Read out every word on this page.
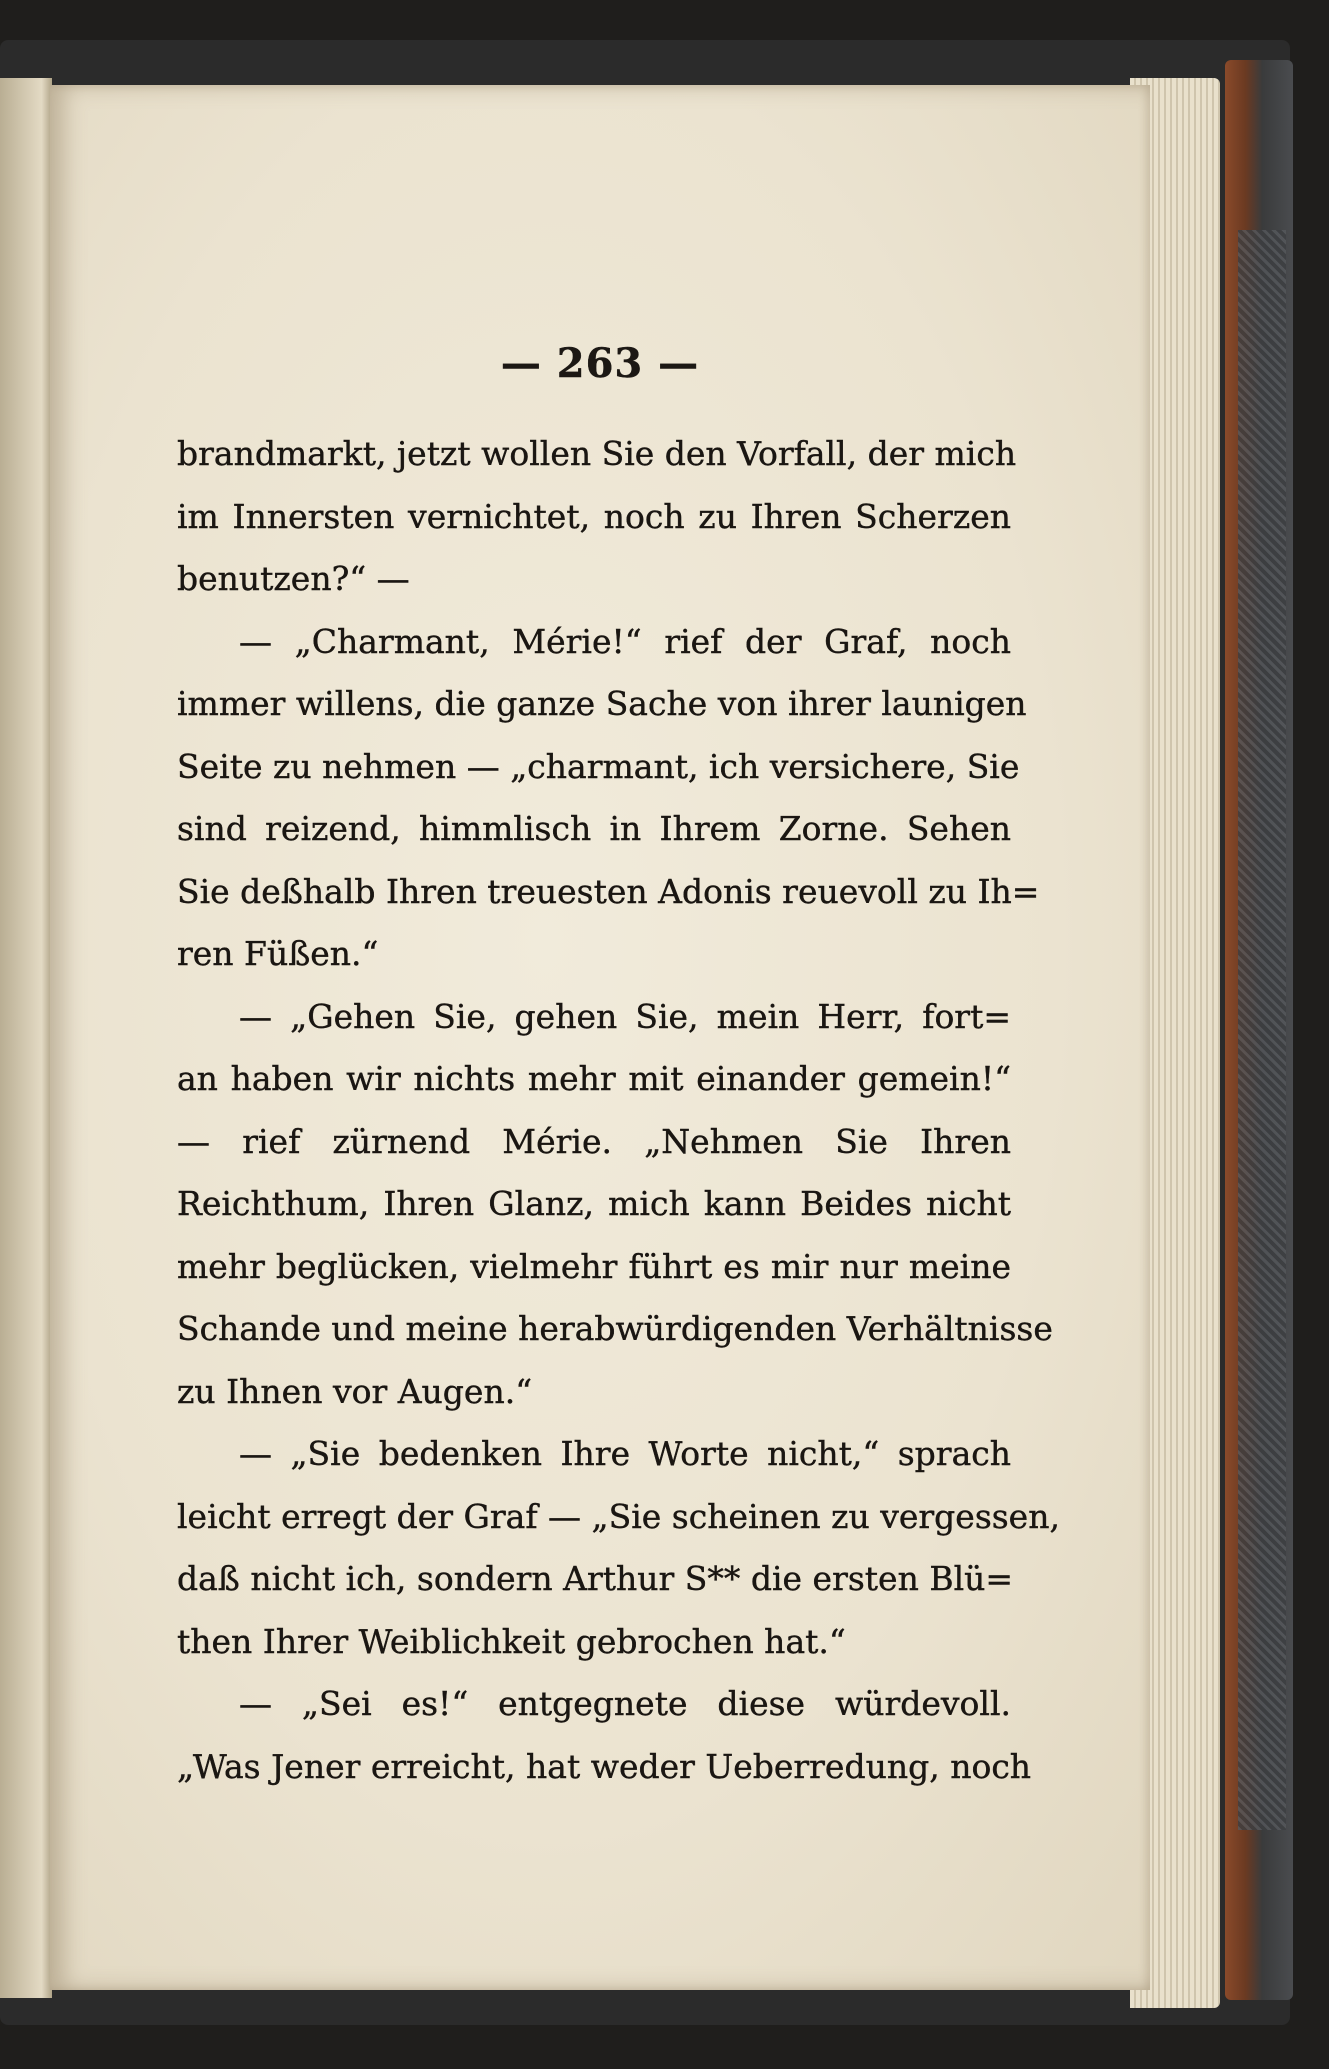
— 263 —
brandmarkt, jetzt wollen Sie den Vorfall, der mich
im Innersten vernichtet, noch zu Ihren Scherzen
benutzen?“ —
— „Charmant, Mérie!“ rief der Graf, noch
immer willens, die ganze Sache von ihrer launigen
Seite zu nehmen — „charmant, ich versichere, Sie
sind reizend, himmlisch in Ihrem Zorne. Sehen
Sie deßhalb Ihren treuesten Adonis reuevoll zu Ih=
ren Füßen.“
— „Gehen Sie, gehen Sie, mein Herr, fort=
an haben wir nichts mehr mit einander gemein!“
— rief zürnend Mérie. „Nehmen Sie Ihren
Reichthum, Ihren Glanz, mich kann Beides nicht
mehr beglücken, vielmehr führt es mir nur meine
Schande und meine herabwürdigenden Verhältnisse
zu Ihnen vor Augen.“
— „Sie bedenken Ihre Worte nicht,“ sprach
leicht erregt der Graf — „Sie scheinen zu vergessen,
daß nicht ich, sondern Arthur S** die ersten Blü=
then Ihrer Weiblichkeit gebrochen hat.“
— „Sei es!“ entgegnete diese würdevoll.
„Was Jener erreicht, hat weder Ueberredung, noch
